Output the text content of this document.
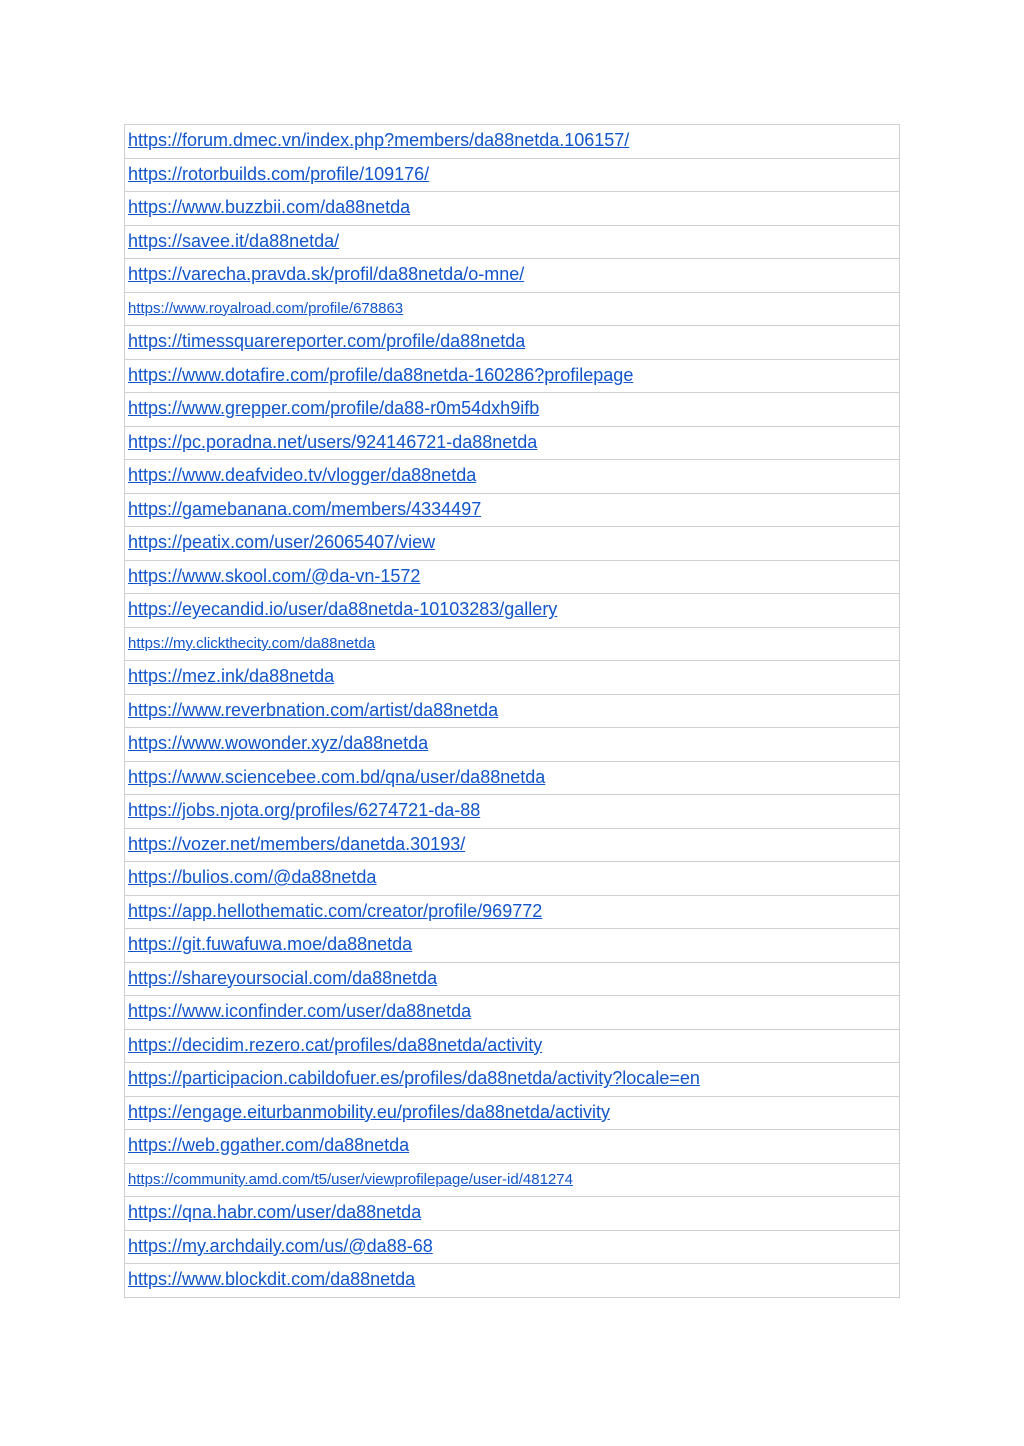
https://forum.dmec.vn/index.php?members/da88netda.106157/
https://rotorbuilds.com/profile/109176/
https://www.buzzbii.com/da88netda
https://savee.it/da88netda/
https://varecha.pravda.sk/profil/da88netda/o-mne/
https://www.royalroad.com/profile/678863
https://timessquarereporter.com/profile/da88netda
https://www.dotafire.com/profile/da88netda-160286?profilepage
https://www.grepper.com/profile/da88-r0m54dxh9ifb
https://pc.poradna.net/users/924146721-da88netda
https://www.deafvideo.tv/vlogger/da88netda
https://gamebanana.com/members/4334497
https://peatix.com/user/26065407/view
https://www.skool.com/@da-vn-1572
https://eyecandid.io/user/da88netda-10103283/gallery
https://my.clickthecity.com/da88netda
https://mez.ink/da88netda
https://www.reverbnation.com/artist/da88netda
https://www.wowonder.xyz/da88netda
https://www.sciencebee.com.bd/qna/user/da88netda
https://jobs.njota.org/profiles/6274721-da-88
https://vozer.net/members/danetda.30193/
https://bulios.com/@da88netda
https://app.hellothematic.com/creator/profile/969772
https://git.fuwafuwa.moe/da88netda
https://shareyoursocial.com/da88netda
https://www.iconfinder.com/user/da88netda
https://decidim.rezero.cat/profiles/da88netda/activity
https://participacion.cabildofuer.es/profiles/da88netda/activity?locale=en
https://engage.eiturbanmobility.eu/profiles/da88netda/activity
https://web.ggather.com/da88netda
https://community.amd.com/t5/user/viewprofilepage/user-id/481274
https://qna.habr.com/user/da88netda
https://my.archdaily.com/us/@da88-68
https://www.blockdit.com/da88netda
